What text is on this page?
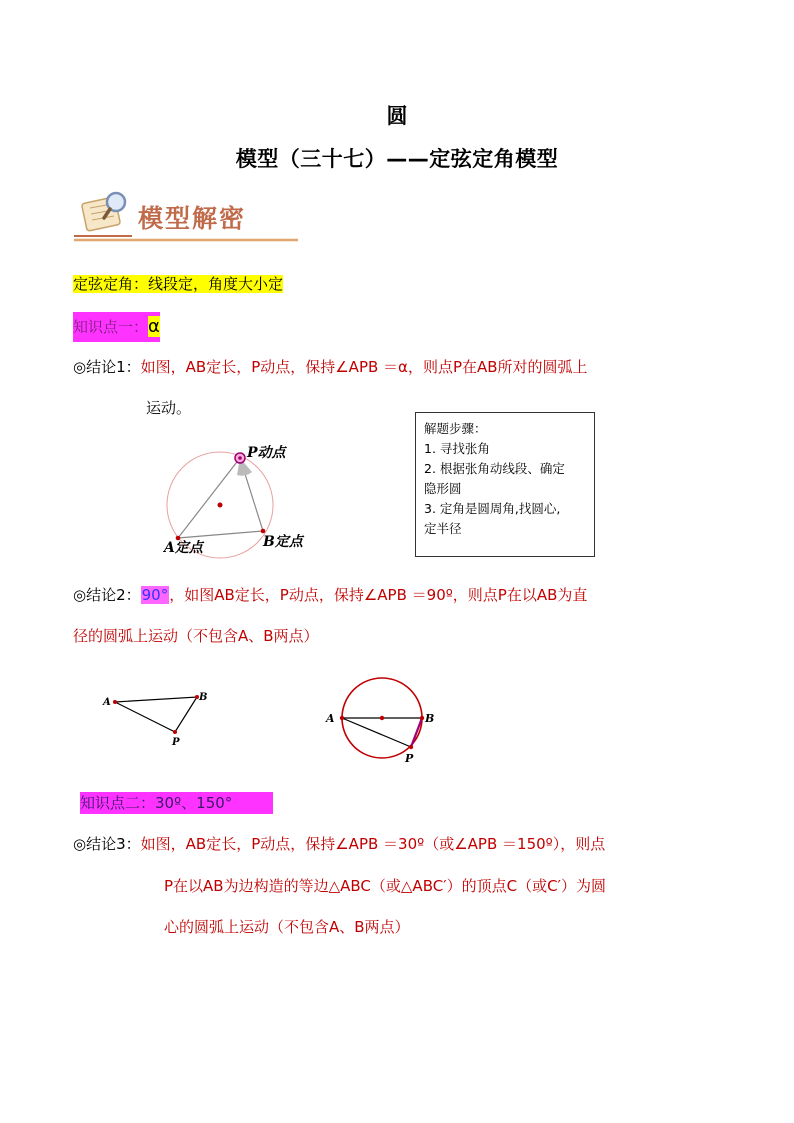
圆
模型（三十七）——定弦定角模型
模型解密
定弦定角：线段定，角度大小定
知识点一：α
◎结论1：如图，AB定长，P动点，保持∠APB ＝α，则点P在AB所对的圆弧上
运动。
解题步骤：
1. 寻找张角
2. 根据张角动线段、确定
隐形圆
3. 定角是圆周角,找圆心,
定半径
P动点
A定点	B定点
◎结论2：90°，如图AB定长，P动点，保持∠APB ＝90º，则点P在以AB为直
径的圆弧上运动（不包含A、B两点）
A	B
P
A	B
P
知识点二：30º、150°
◎结论3：如图，AB定长，P动点，保持∠APB ＝30º（或∠APB ＝150º），则点
P在以AB为边构造的等边△ABC（或△ABC′）的顶点C（或C′）为圆
心的圆弧上运动（不包含A、B两点）
